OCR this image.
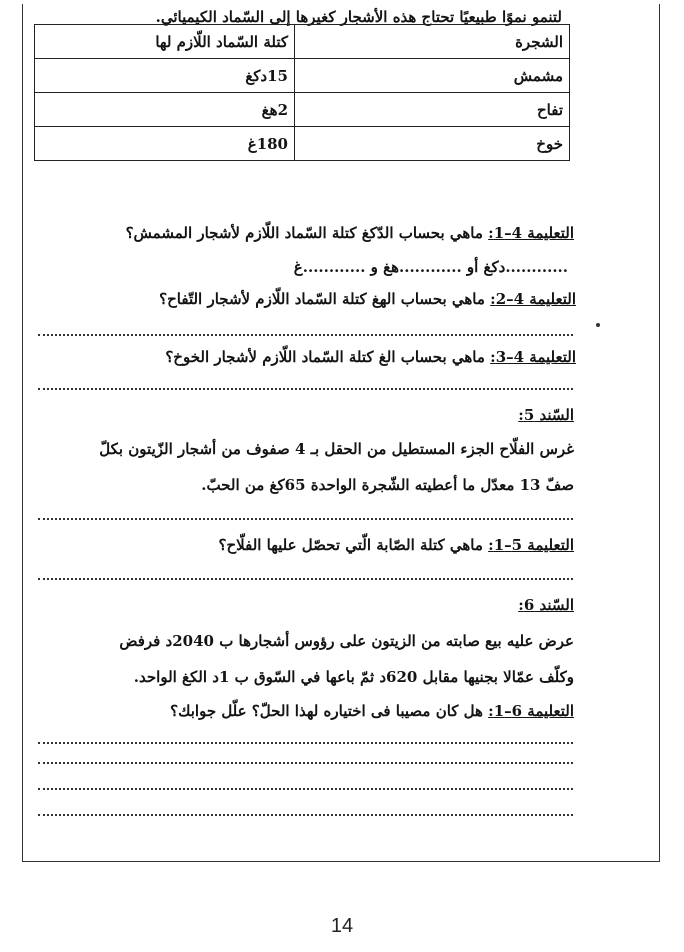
لتنمو نموًا طبيعيًا تحتاج هذه الأشجار كغيرها إلى السّماد الكيميائي.
الشجرة	كتلة السّماد اللّازم لها
مشمش	15دكغ
تفاح	2هغ
خوخ	180غ
التعليمة 4–1: ماهي بحساب الدّكغ كتلة السّماد اللّازم لأشجار المشمش؟
............دكغ أو ............هغ و ............غ
التعليمة 4–2: ماهي بحساب الهغ كتلة السّماد اللّازم لأشجار التّفاح؟
التعليمة 4–3: ماهي بحساب الغ كتلة السّماد اللّازم لأشجار الخوخ؟
السّند 5:
غرس الفلّاح الجزء المستطيل من الحقل بـ 4 صفوف من أشجار الزّيتون بكلّ
صفّ 13 معدّل ما أعطيته الشّجرة الواحدة 65كغ من الحبّ.
التعليمة 5–1: ماهي كتلة الصّابة الّتي تحصّل عليها الفلّاح؟
السّند 6:
عرض عليه بيع صابته من الزيتون على رؤوس أشجارها ب 2040د فرفض
وكلّف عمّالا بجنيها مقابل 620د ثمّ باعها في السّوق ب 1د الكغ الواحد.
التعليمة 6–1: هل كان مصيبا فى اختياره لهذا الحلّ؟ علّل جوابك؟
14
